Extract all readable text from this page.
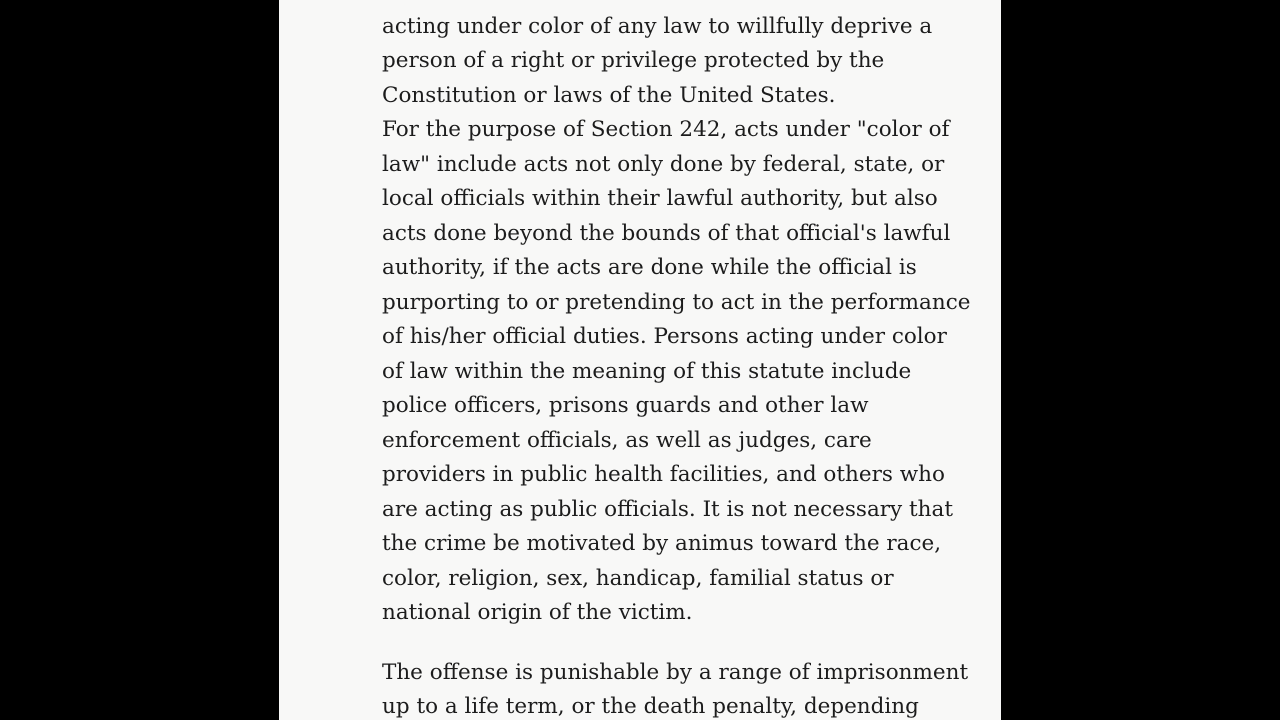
acting under color of any law to willfully deprive a
person of a right or privilege protected by the
Constitution or laws of the United States.
For the purpose of Section 242, acts under "color of
law" include acts not only done by federal, state, or
local officials within their lawful authority, but also
acts done beyond the bounds of that official's lawful
authority, if the acts are done while the official is
purporting to or pretending to act in the performance
of his/her official duties. Persons acting under color
of law within the meaning of this statute include
police officers, prisons guards and other law
enforcement officials, as well as judges, care
providers in public health facilities, and others who
are acting as public officials. It is not necessary that
the crime be motivated by animus toward the race,
color, religion, sex, handicap, familial status or
national origin of the victim.
The offense is punishable by a range of imprisonment
up to a life term, or the death penalty, depending
